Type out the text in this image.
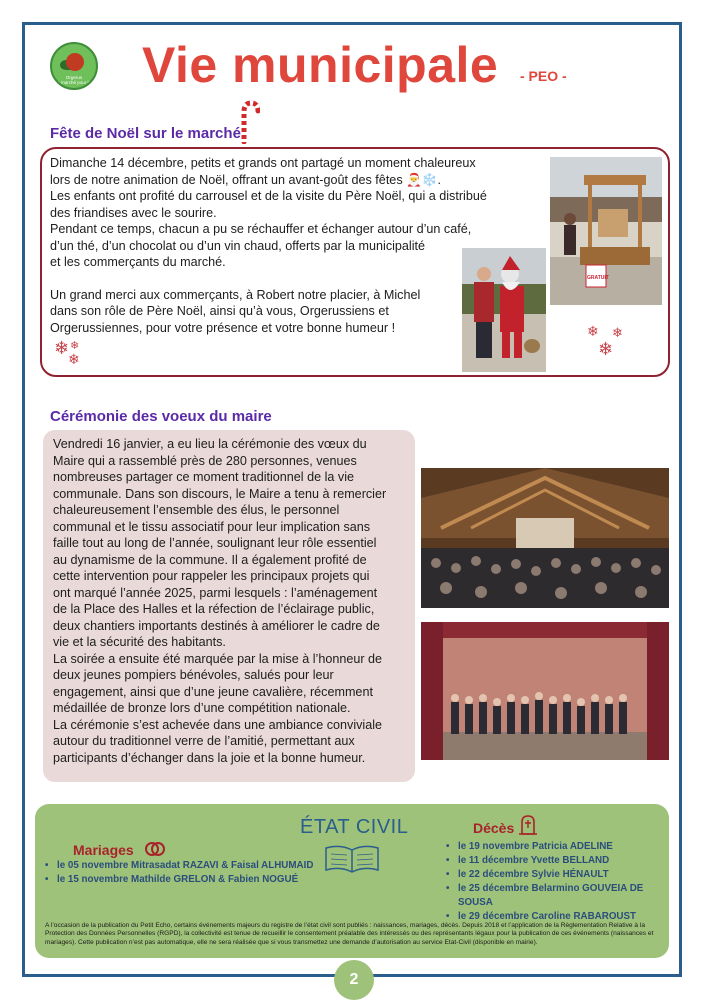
Orgerus
un marché pour les Vie municipale - PEO -
Fête de Noël sur le marché

Dimanche 14 décembre, petits et grands ont partagé un moment chaleureux

lors de notre animation de Noël, offrant un avant-goût des fêtes 🎅❄️.

Les enfants ont profité du carrousel et de la visite du Père Noël, qui a distribué

des friandises avec le sourire.

Pendant ce temps, chacun a pu se réchauffer et échanger autour d’un café,

d’un thé, d’un chocolat ou d’un vin chaud, offerts par la municipalité

et les commerçants du marché.

Un grand merci aux commerçants, à Robert notre placier, à Michel

dans son rôle de Père Noël, ainsi qu’à vous, Orgerussiens et

Orgerussiennes, pour votre présence et votre bonne humeur !

❄
❄
❄
❄
❄
❄
GRATUIT
Cérémonie des voeux du maire

Vendredi 16 janvier, a eu lieu la cérémonie des vœux du

Maire qui a rassemblé près de 280 personnes, venues

nombreuses partager ce moment traditionnel de la vie

communale. Dans son discours, le Maire a tenu à remercier

chaleureusement l’ensemble des élus, le personnel

communal et le tissu associatif pour leur implication sans

faille tout au long de l’année, soulignant leur rôle essentiel

au dynamisme de la commune. Il a également profité de

cette intervention pour rappeler les principaux projets qui

ont marqué l’année 2025, parmi lesquels : l’aménagement

de la Place des Halles et la réfection de l’éclairage public,

deux chantiers importants destinés à améliorer le cadre de

vie et la sécurité des habitants.

La soirée a ensuite été marquée par la mise à l’honneur de

deux jeunes pompiers bénévoles, salués pour leur

engagement, ainsi que d’une jeune cavalière, récemment

médaillée de bronze lors d’une compétition nationale.

La cérémonie s’est achevée dans une ambiance conviviale

autour du traditionnel verre de l’amitié, permettant aux

participants d’échanger dans la joie et la bonne humeur.

ÉTAT CIVIL
Mariages
• le 05 novembre Mitrasadat RAZAVI & Faisal ALHUMAID
• le 15 novembre Mathilde GRELON & Fabien NOGUÉ
Décès
• le 19 novembre Patricia ADELINE
• le 11 décembre Yvette BELLAND
• le 22 décembre Sylvie HÉNAULT
• le 25 décembre Belarmino GOUVEIA DE SOUSA
• le 29 décembre Caroline RABAROUST

A l’occasion de la publication du Petit Echo, certains événements majeurs du registre de l’état civil sont publiés : naissances, mariages, décès. Depuis 2018 et l’application de la Règlementation Relative à la Protection des Données Personnelles (RGPD), la collectivité est tenue de recueillir le consentement préalable des intéressés ou des représentants légaux pour la publication de ces événements (naissances et mariages). Cette publication n’est pas automatique, elle ne sera réalisée que si vous transmettez une demande d’autorisation au service Etat-Civil (disponible en mairie).

2
